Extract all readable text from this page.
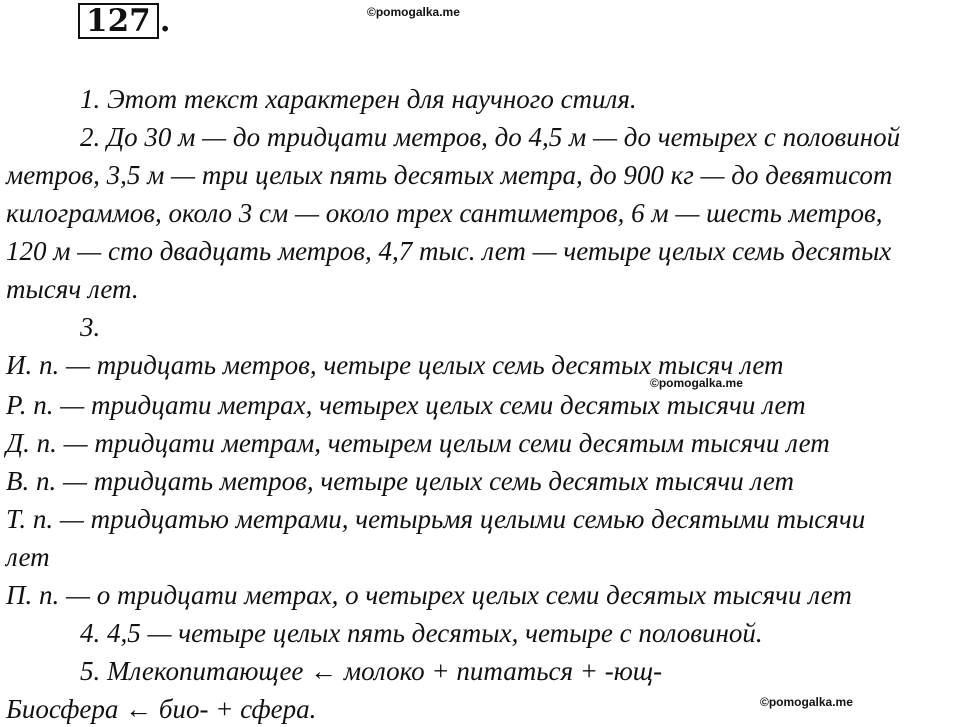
127 .	©pomogalka.me
©pomogalka.me
©pomogalka.me
1. Этот текст характерен для научного стиля.
2. До 30 м — до тридцати метров, до 4,5 м — до четырех с половиной
метров, 3,5 м — три целых пять десятых метра, до 900 кг — до девятисот
килограммов, около 3 см — около трех сантиметров, 6 м — шесть метров,
120 м — сто двадцать метров, 4,7 тыс. лет — четыре целых семь десятых
тысяч лет.
3.
И. п. — тридцать метров, четыре целых семь десятых тысяч лет
Р. п. — тридцати метрах, четырех целых семи десятых тысячи лет
Д. п. — тридцати метрам, четырем целым семи десятым тысячи лет
В. п. — тридцать метров, четыре целых семь десятых тысячи лет
Т. п. — тридцатью метрами, четырьмя целыми семью десятыми тысячи
лет
П. п. — о тридцати метрах, о четырех целых семи десятых тысячи лет
4. 4,5 — четыре целых пять десятых, четыре с половиной.
5. Млекопитающее ← молоко + питаться + -ющ-
Биосфера ← био- + сфера.
